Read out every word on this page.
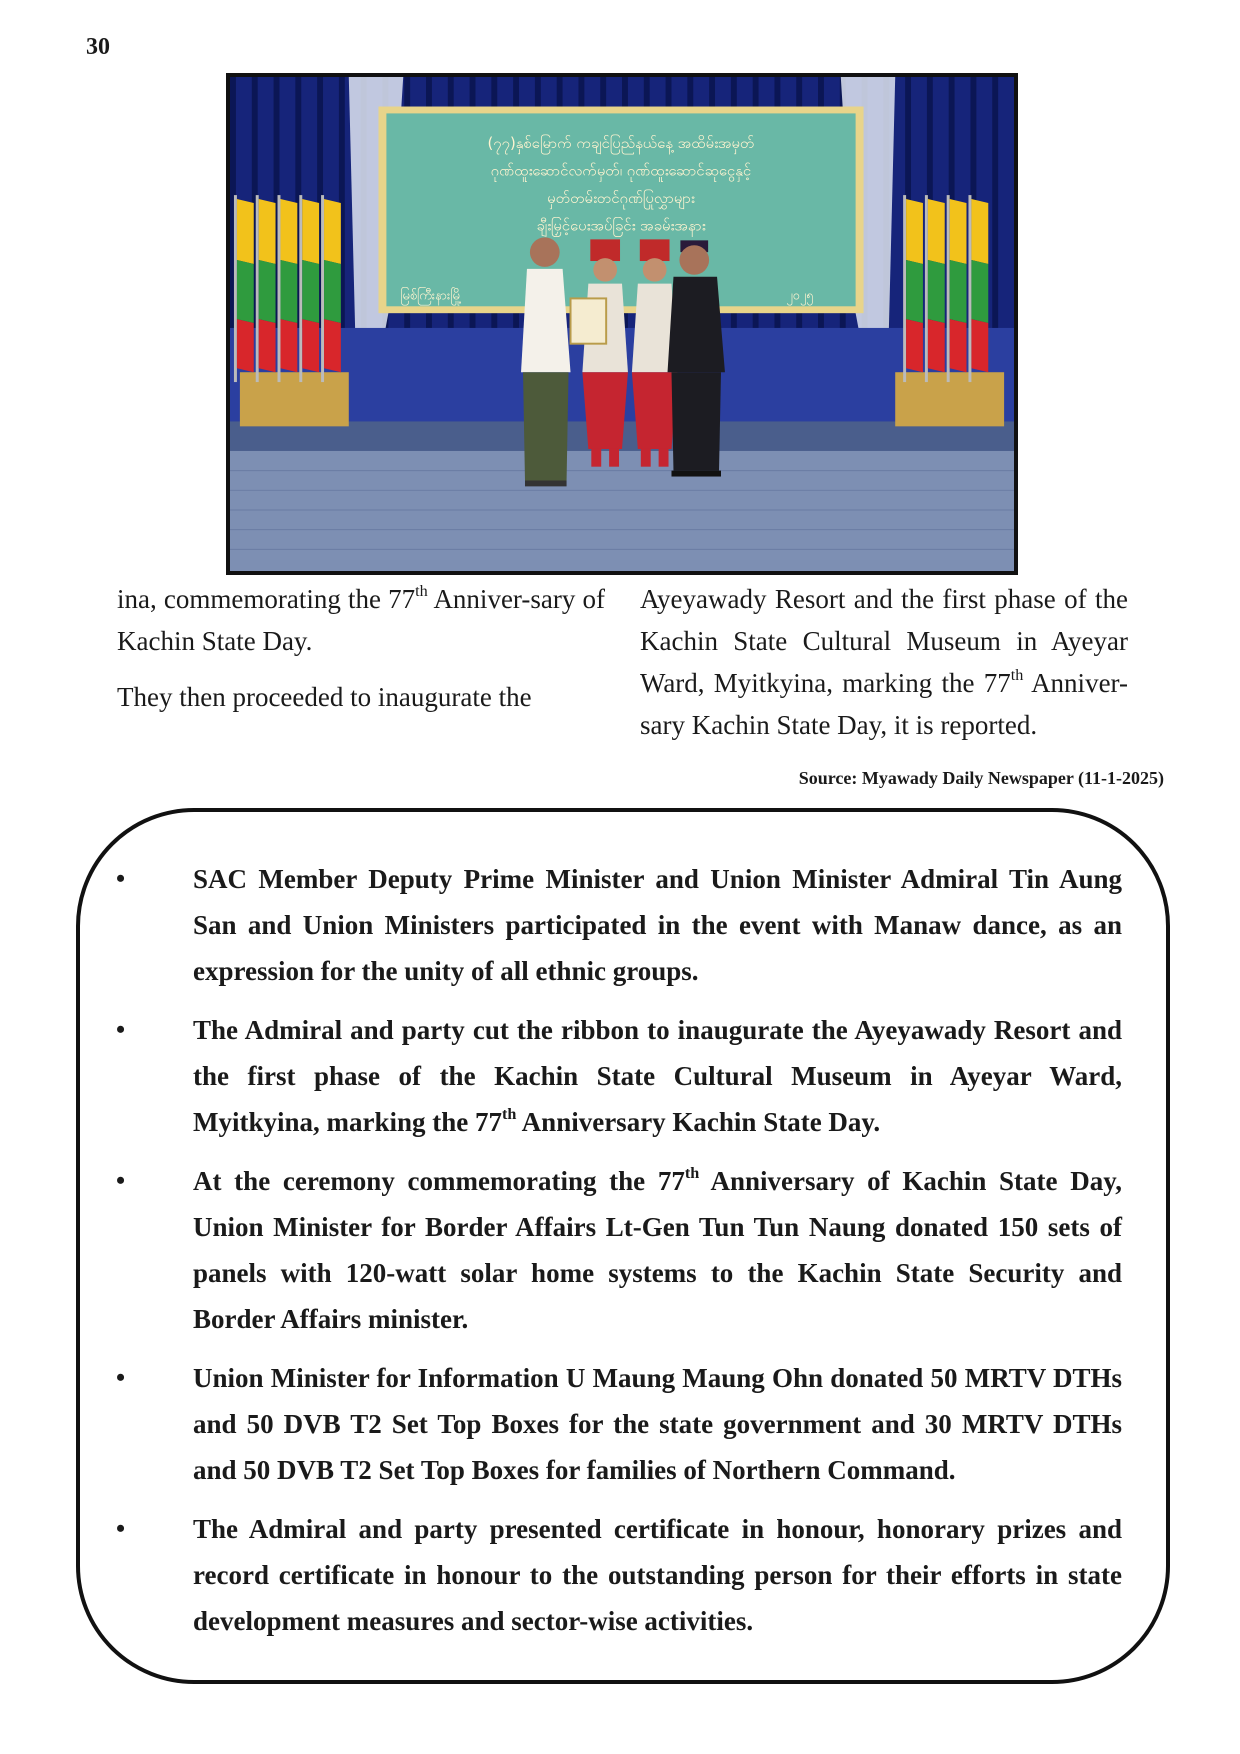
30
(၇၇)နှစ်မြောက် ကချင်ပြည်နယ်နေ့ အထိမ်းအမှတ်
ဂုဏ်ထူးဆောင်လက်မှတ်၊ ဂုဏ်ထူးဆောင်ဆုငွေနှင့်
မှတ်တမ်းတင်ဂုဏ်ပြုလွှာများ
ချီးမြှင့်ပေးအပ်ခြင်း အခမ်းအနား
မြစ်ကြီးနားမြို့	၂၀၂၅

ina, commemorating the 77th Anniver-sary of Kachin State Day.

They then proceeded to inaugurate the

Ayeyawady Resort and the first phase of the Kachin State Cultural Museum in Ayeyar Ward, Myitkyina, marking the 77th Anniver-sary Kachin State Day, it is reported.

Source: Myawady Daily Newspaper (11-1-2025)
•	SAC Member Deputy Prime Minister and Union Minister Admiral Tin Aung San and Union Ministers participated in the event with Manaw dance, as an expression for the unity of all ethnic groups.
•	The Admiral and party cut the ribbon to inaugurate the Ayeyawady Resort and the first phase of the Kachin State Cultural Museum in Ayeyar Ward, Myitkyina, marking the 77th Anniversary Kachin State Day.
•	At the ceremony commemorating the 77th Anniversary of Kachin State Day, Union Minister for Border Affairs Lt-Gen Tun Tun Naung donated 150 sets of panels with 120-watt solar home systems to the Kachin State Security and Border Affairs minister.
•	Union Minister for Information U Maung Maung Ohn donated 50 MRTV DTHs and 50 DVB T2 Set Top Boxes for the state government and 30 MRTV DTHs and 50 DVB T2 Set Top Boxes for families of Northern Command.
•	The Admiral and party presented certificate in honour, honorary prizes and record certificate in honour to the outstanding person for their efforts in state development measures and sector-wise activities.
